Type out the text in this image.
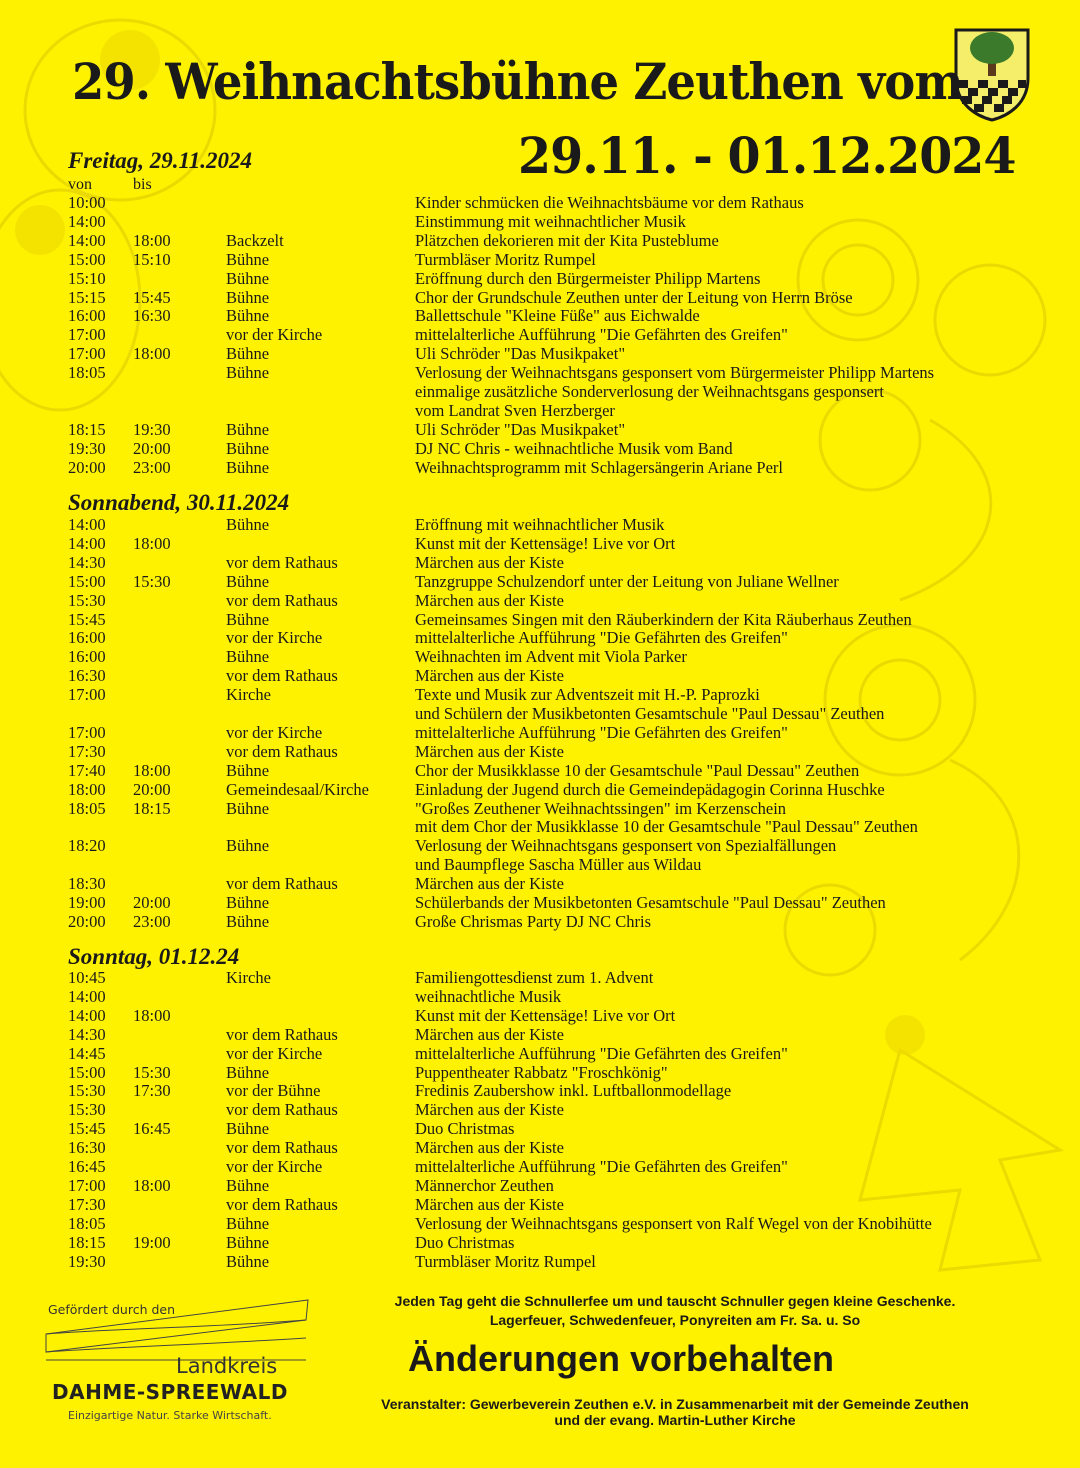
29. Weihnachtsbühne Zeuthen vom
29.11. - 01.12.2024
Freitag, 29.11.2024
von	bis
10:00	Kinder schmücken die Weihnachtsbäume vor dem Rathaus
14:00	Einstimmung mit weihnachtlicher Musik
14:00 18:00	Backzelt	Plätzchen dekorieren mit der Kita Pusteblume
15:00 15:10	Bühne	Turmbläser Moritz Rumpel
15:10	Bühne	Eröffnung durch den Bürgermeister Philipp Martens
15:15 15:45	Bühne	Chor der Grundschule Zeuthen unter der Leitung von Herrn Bröse
16:00 16:30	Bühne	Ballettschule "Kleine Füße" aus Eichwalde
17:00	vor der Kirche	mittelalterliche Aufführung "Die Gefährten des Greifen"
17:00 18:00	Bühne	Uli Schröder "Das Musikpaket"
18:05	Bühne	Verlosung der Weihnachtsgans gesponsert vom Bürgermeister Philipp Martens
einmalige zusätzliche Sonderverlosung der Weihnachtsgans gesponsert
vom Landrat Sven Herzberger
18:15 19:30	Bühne	Uli Schröder "Das Musikpaket"
19:30 20:00	Bühne	DJ NC Chris - weihnachtliche Musik vom Band
20:00 23:00	Bühne	Weihnachtsprogramm mit Schlagersängerin Ariane Perl
Sonnabend, 30.11.2024
14:00	Bühne	Eröffnung mit weihnachtlicher Musik
14:00 18:00	Kunst mit der Kettensäge! Live vor Ort
14:30	vor dem Rathaus	Märchen aus der Kiste
15:00 15:30	Bühne	Tanzgruppe Schulzendorf unter der Leitung von Juliane Wellner
15:30	vor dem Rathaus	Märchen aus der Kiste
15:45	Bühne	Gemeinsames Singen mit den Räuberkindern der Kita Räuberhaus Zeuthen
16:00	vor der Kirche	mittelalterliche Aufführung "Die Gefährten des Greifen"
16:00	Bühne	Weihnachten im Advent mit Viola Parker
16:30	vor dem Rathaus	Märchen aus der Kiste
17:00	Kirche	Texte und Musik zur Adventszeit mit H.-P. Paprozki
und Schülern der Musikbetonten Gesamtschule "Paul Dessau" Zeuthen
17:00	vor der Kirche	mittelalterliche Aufführung "Die Gefährten des Greifen"
17:30	vor dem Rathaus	Märchen aus der Kiste
17:40 18:00	Bühne	Chor der Musikklasse 10 der Gesamtschule "Paul Dessau" Zeuthen
18:00 20:00	Gemeindesaal/Kirche	Einladung der Jugend durch die Gemeindepädagogin Corinna Huschke
18:05 18:15	Bühne	"Großes Zeuthener Weihnachtssingen" im Kerzenschein
mit dem Chor der Musikklasse 10 der Gesamtschule "Paul Dessau" Zeuthen
18:20	Bühne	Verlosung der Weihnachtsgans gesponsert von Spezialfällungen
und Baumpflege Sascha Müller aus Wildau
18:30	vor dem Rathaus	Märchen aus der Kiste
19:00 20:00	Bühne	Schülerbands der Musikbetonten Gesamtschule "Paul Dessau" Zeuthen
20:00 23:00	Bühne	Große Chrismas Party DJ NC Chris
Sonntag, 01.12.24
10:45	Kirche	Familiengottesdienst zum 1. Advent
14:00	weihnachtliche Musik
14:00 18:00	Kunst mit der Kettensäge! Live vor Ort
14:30	vor dem Rathaus	Märchen aus der Kiste
14:45	vor der Kirche	mittelalterliche Aufführung "Die Gefährten des Greifen"
15:00 15:30	Bühne	Puppentheater Rabbatz "Froschkönig"
15:30 17:30	vor der Bühne	Fredinis Zaubershow inkl. Luftballonmodellage
15:30	vor dem Rathaus	Märchen aus der Kiste
15:45 16:45	Bühne	Duo Christmas
16:30	vor dem Rathaus	Märchen aus der Kiste
16:45	vor der Kirche	mittelalterliche Aufführung "Die Gefährten des Greifen"
17:00 18:00	Bühne	Männerchor Zeuthen
17:30	vor dem Rathaus	Märchen aus der Kiste
18:05	Bühne	Verlosung der Weihnachtsgans gesponsert von Ralf Wegel von der Knobihütte
18:15 19:00	Bühne	Duo Christmas
19:30	Bühne	Turmbläser Moritz Rumpel
Jeden Tag geht die Schnullerfee um und tauscht Schnuller gegen kleine Geschenke.
Lagerfeuer, Schwedenfeuer, Ponyreiten am Fr. Sa. u. So
Änderungen vorbehalten
Veranstalter: Gewerbeverein Zeuthen e.V. in Zusammenarbeit mit der Gemeinde Zeuthen
und der evang. Martin-Luther Kirche
Gefördert durch den
Landkreis
DAHME-SPREEWALD
Einzigartige Natur. Starke Wirtschaft.
